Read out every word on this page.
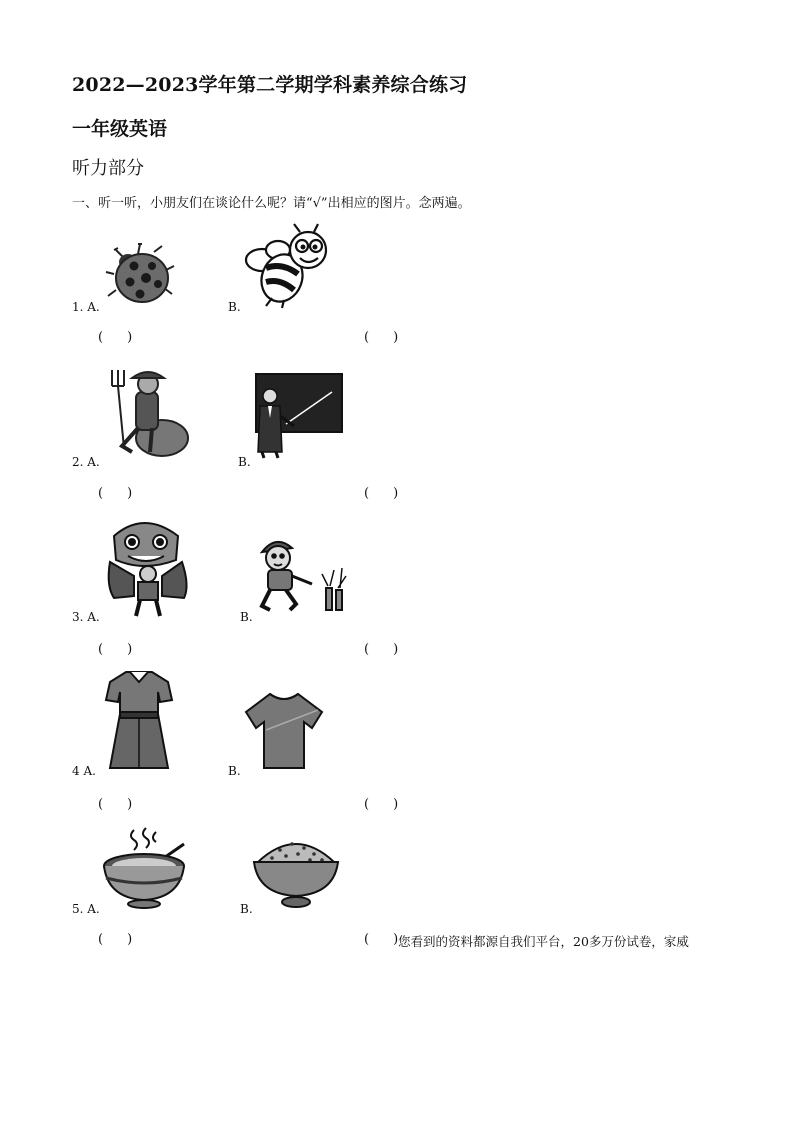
2022—2023学年第二学期学科素养综合练习
一年级英语
听力部分
一、听一听，小朋友们在谈论什么呢？请“√”出相应的图片。念两遍。
1. A.	B.
( )	( )
2. A.	B.
( )	( )
3. A.	B.
( )	( )
4 A.	B.
( )	( )
5. A.	B.
( )	( ) 您看到的资料都源自我们平台，20多万份试卷，家威
